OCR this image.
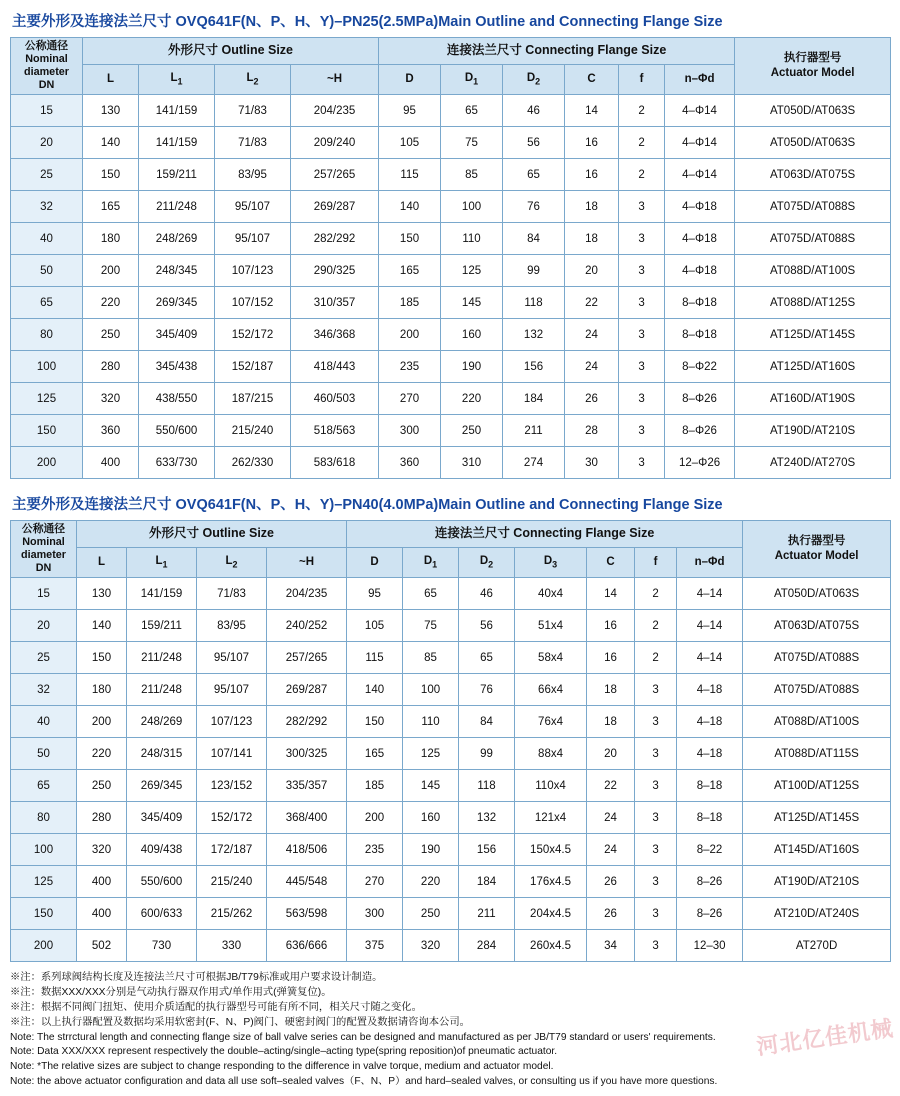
主要外形及连接法兰尺寸 OVQ641F(N、P、H、Y)–PN25(2.5MPa)Main Outline and Connecting Flange Size
公称通径
Nominal
diameter
DN
	外形尺寸 Outline Size	连接法兰尺寸 Connecting Flange Size	
执行器型号
Actuator Model

	L	$L_1$	$L_2$	~H	D	$D_1$	$D_2$	C	f	n–Φd	
15	130	141/159	71/83	204/235	95	65	46	14	2	4–Φ14	AT050D/AT063S
20	140	141/159	71/83	209/240	105	75	56	16	2	4–Φ14	AT050D/AT063S
25	150	159/211	83/95	257/265	115	85	65	16	2	4–Φ14	AT063D/AT075S
32	165	211/248	95/107	269/287	140	100	76	18	3	4–Φ18	AT075D/AT088S
40	180	248/269	95/107	282/292	150	110	84	18	3	4–Φ18	AT075D/AT088S
50	200	248/345	107/123	290/325	165	125	99	20	3	4–Φ18	AT088D/AT100S
65	220	269/345	107/152	310/357	185	145	118	22	3	8–Φ18	AT088D/AT125S
80	250	345/409	152/172	346/368	200	160	132	24	3	8–Φ18	AT125D/AT145S
100	280	345/438	152/187	418/443	235	190	156	24	3	8–Φ22	AT125D/AT160S
125	320	438/550	187/215	460/503	270	220	184	26	3	8–Φ26	AT160D/AT190S
150	360	550/600	215/240	518/563	300	250	211	28	3	8–Φ26	AT190D/AT210S
200	400	633/730	262/330	583/618	360	310	274	30	3	12–Φ26	AT240D/AT270S
主要外形及连接法兰尺寸 OVQ641F(N、P、H、Y)–PN40(4.0MPa)Main Outline and Connecting Flange Size
公称通径
Nominal
diameter
DN
	外形尺寸 Outline Size	连接法兰尺寸 Connecting Flange Size	
执行器型号
Actuator Model

	L	$L_1$	$L_2$	~H	D	$D_1$	$D_2$	$D_3$	C	f	n–Φd	
15	130	141/159	71/83	204/235	95	65	46	40x4	14	2	4–14	AT050D/AT063S
20	140	159/211	83/95	240/252	105	75	56	51x4	16	2	4–14	AT063D/AT075S
25	150	211/248	95/107	257/265	115	85	65	58x4	16	2	4–14	AT075D/AT088S
32	180	211/248	95/107	269/287	140	100	76	66x4	18	3	4–18	AT075D/AT088S
40	200	248/269	107/123	282/292	150	110	84	76x4	18	3	4–18	AT088D/AT100S
50	220	248/315	107/141	300/325	165	125	99	88x4	20	3	4–18	AT088D/AT115S
65	250	269/345	123/152	335/357	185	145	118	110x4	22	3	8–18	AT100D/AT125S
80	280	345/409	152/172	368/400	200	160	132	121x4	24	3	8–18	AT125D/AT145S
100	320	409/438	172/187	418/506	235	190	156	150x4.5	24	3	8–22	AT145D/AT160S
125	400	550/600	215/240	445/548	270	220	184	176x4.5	26	3	8–26	AT190D/AT210S
150	400	600/633	215/262	563/598	300	250	211	204x4.5	26	3	8–26	AT210D/AT240S
200	502	730	330	636/666	375	320	284	260x4.5	34	3	12–30	AT270D
※注：系列球阀结构长度及连接法兰尺寸可根据JB/T79标准或用户要求设计制造。
※注：数据XXX/XXX分别是气动执行器双作用式/单作用式(弹簧复位)。
※注：根据不同阀门扭矩、使用介质适配的执行器型号可能有所不同，相关尺寸随之变化。
※注：以上执行器配置及数据均采用软密封(F、N、P)阀门、硬密封阀门的配置及数据请咨询本公司。
Note: The strrctural length and connecting flange size of ball valve series can be designed and manufactured as per JB/T79 standard or users' requirements.
Note: Data XXX/XXX represent respectively the double–acting/single–acting type(spring reposition)of pneumatic actuator.
Note: *The relative sizes are subject to change responding to the difference in valve torque, medium and actuator model.
Note: the above actuator configuration and data all use soft–sealed valves（F、N、P）and hard–sealed valves, or consulting us if you have more questions.
河北亿佳机械
